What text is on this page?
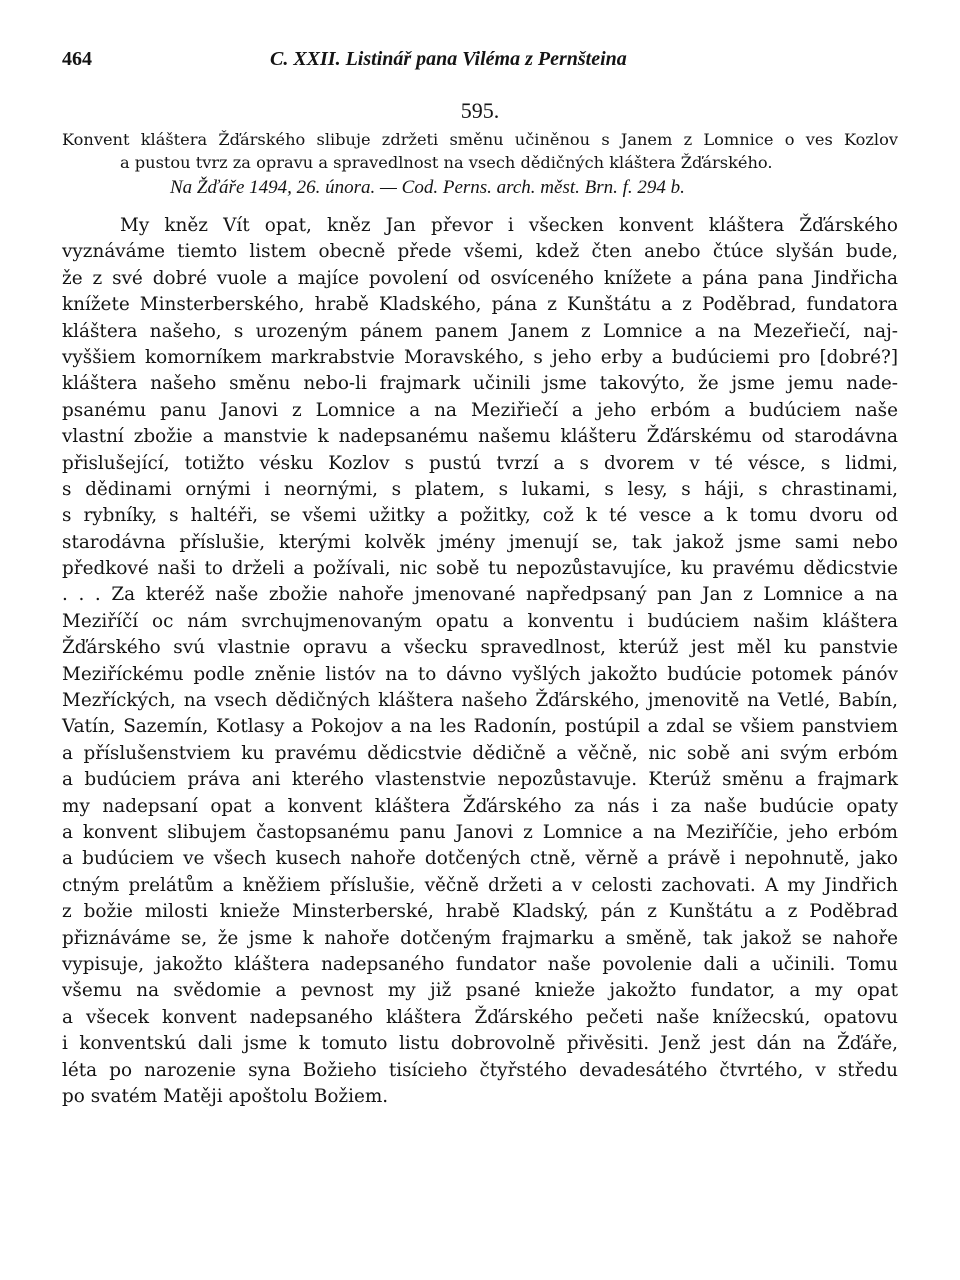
464	C. XXII. Listinář pana Viléma z Pernšteina
595.
Konvent kláštera Žďárského slibuje zdržeti směnu učiněnou s Janem z Lomnice o ves Kozlov
a pustou tvrz za opravu a spravedlnost na vsech dědičných kláštera Žďárského.
Na Žďáře 1494, 26. února. — Cod. Perns. arch. měst. Brn. f. 294 b.
My kněz Vít opat, kněz Jan převor i všecken konvent kláštera Žďárského
vyznáváme tiemto listem obecně přede všemi, kdež čten anebo čtúce slyšán bude,
že z své dobré vuole a majíce povolení od osvíceného knížete a pána pana Jindřicha
knížete Minsterberského, hrabě Kladského, pána z Kunštátu a z Poděbrad, fundatora
kláštera našeho, s urozeným pánem panem Janem z Lomnice a na Mezeřiečí, naj-
vyššiem komorníkem markrabstvie Moravského, s jeho erby a budúciemi pro [dobré?]
kláštera našeho směnu nebo-li frajmark učinili jsme takovýto, že jsme jemu nade-
psanému panu Janovi z Lomnice a na Meziřiečí a jeho erbóm a budúciem naše
vlastní zbožie a manstvie k nadepsanému našemu klášteru Žďárskému od starodávna
přislušející, totižto vésku Kozlov s pustú tvrzí a s dvorem v té vésce, s lidmi,
s dědinami ornými i neornými, s platem, s lukami, s lesy, s háji, s chrastinami,
s rybníky, s haltéři, se všemi užitky a požitky, což k té vesce a k tomu dvoru od
starodávna příslušie, kterými kolvěk jmény jmenují se, tak jakož jsme sami nebo
předkové naši to drželi a požívali, nic sobě tu nepozůstavujíce, ku pravému dědicstvie
. . . Za kteréž naše zbožie nahoře jmenované napředpsaný pan Jan z Lomnice a na
Meziříčí oc nám svrchujmenovaným opatu a konventu i budúciem našim kláštera
Žďárského svú vlastnie opravu a všecku spravedlnost, kterúž jest měl ku panstvie
Meziříckému podle zněnie listóv na to dávno vyšlých jakožto budúcie potomek pánóv
Mezříckých, na vsech dědičných kláštera našeho Žďárského, jmenovitě na Vetlé, Babín,
Vatín, Sazemín, Kotlasy a Pokojov a na les Radonín, postúpil a zdal se všiem panstviem
a příslušenstviem ku pravému dědicstvie dědičně a věčně, nic sobě ani svým erbóm
a budúciem práva ani kterého vlastenstvie nepozůstavuje. Kterúž směnu a frajmark
my nadepsaní opat a konvent kláštera Žďárského za nás i za naše budúcie opaty
a konvent slibujem častopsanému panu Janovi z Lomnice a na Meziříčie, jeho erbóm
a budúciem ve všech kusech nahoře dotčených ctně, věrně a právě i nepohnutě, jako
ctným prelátům a kněžiem příslušie, věčně držeti a v celosti zachovati. A my Jindřich
z božie milosti knieže Minsterberské, hrabě Kladský, pán z Kunštátu a z Poděbrad
přiznáváme se, že jsme k nahoře dotčeným frajmarku a směně, tak jakož se nahoře
vypisuje, jakožto kláštera nadepsaného fundator naše povolenie dali a učinili. Tomu
všemu na svědomie a pevnost my již psané knieže jakožto fundator, a my opat
a všecek konvent nadepsaného kláštera Žďárského pečeti naše knížecskú, opatovu
i konventskú dali jsme k tomuto listu dobrovolně přivěsiti. Jenž jest dán na Žďáře,
léta po narozenie syna Božieho tisícieho čtyřstého devadesátého čtvrtého, v středu
po svatém Matěji apoštolu Božiem.
